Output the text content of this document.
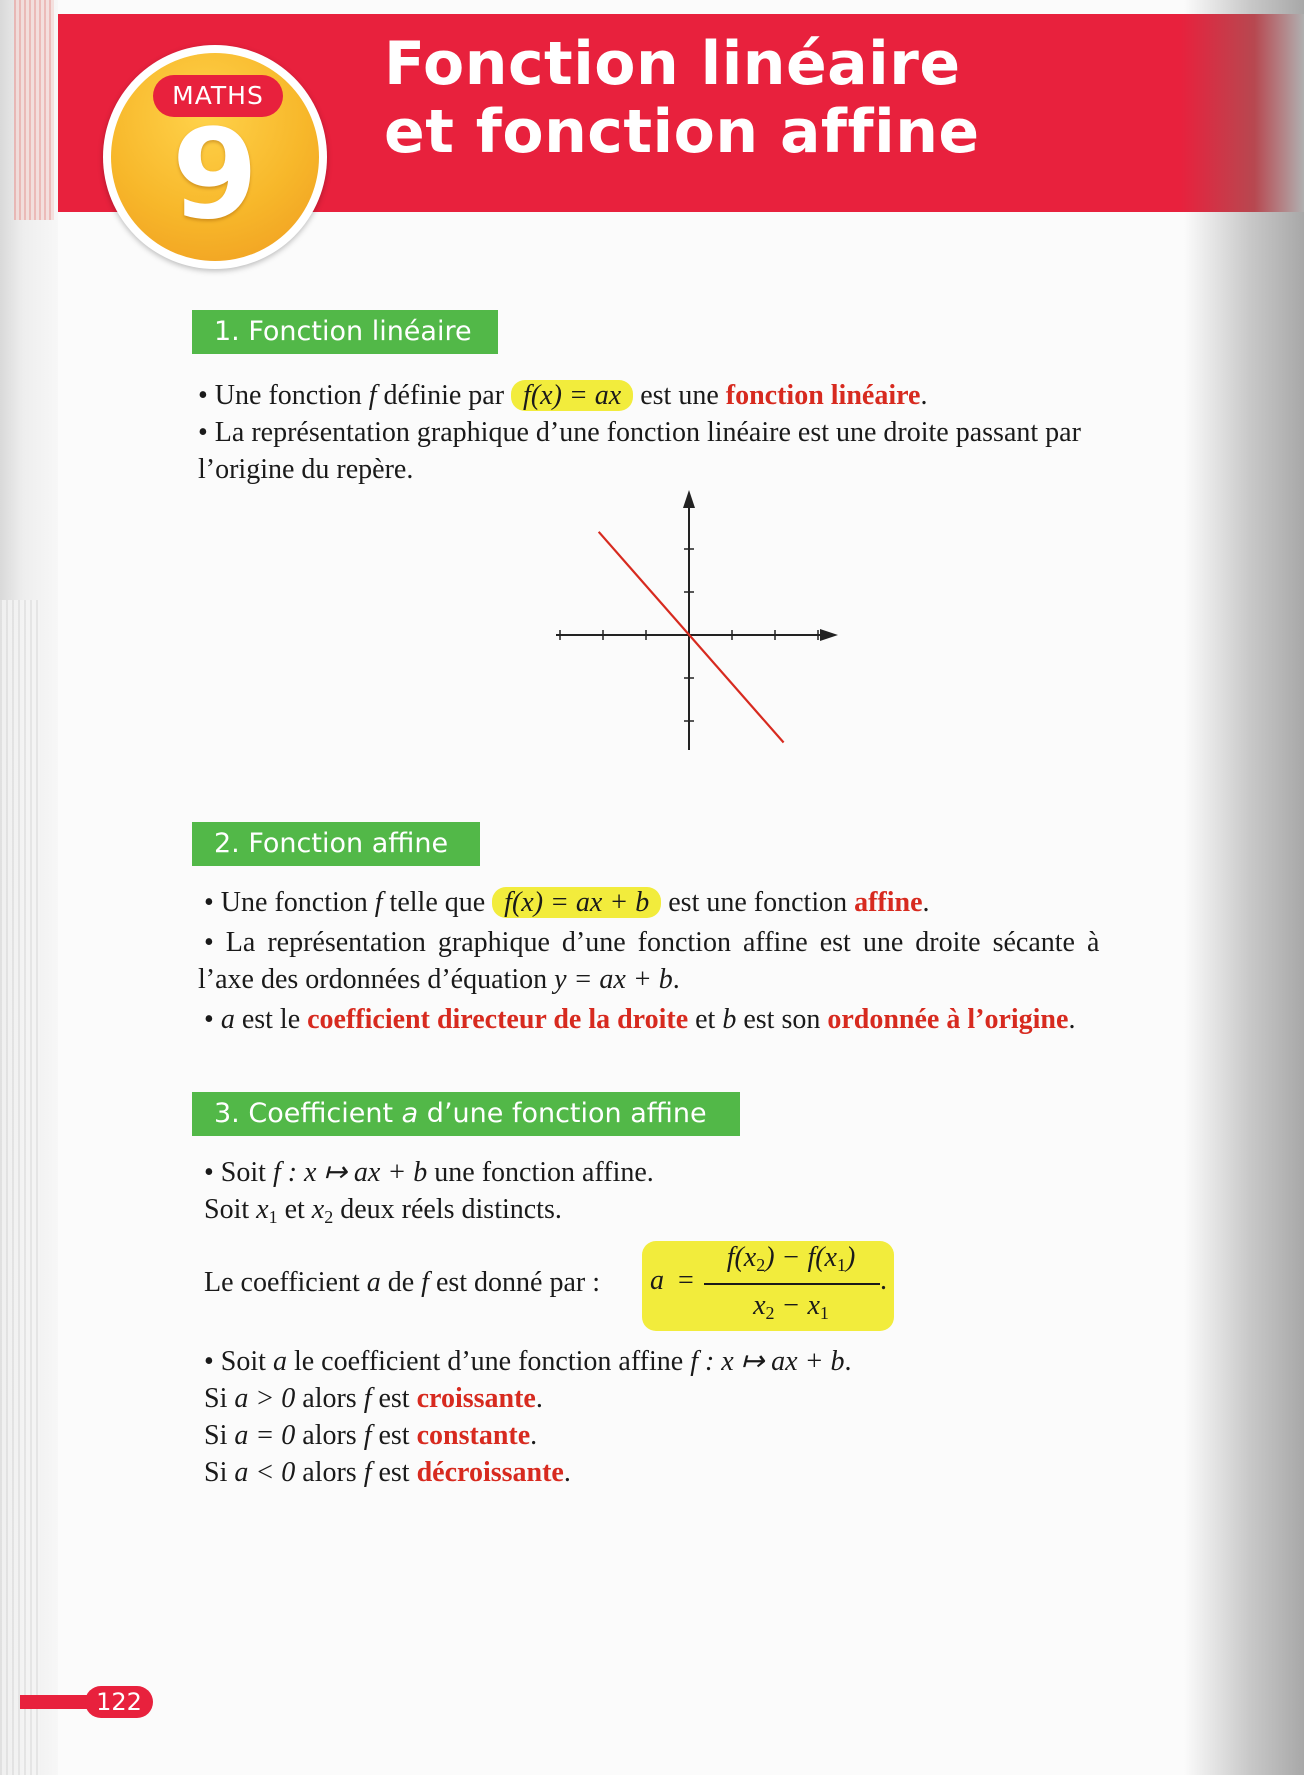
Fonction linéaire
et fonction affine
MATHS
9
1. Fonction linéaire
• Une fonction f définie par f(x) = ax est une fonction linéaire.
• La représentation graphique d’une fonction linéaire est une droite passant par
l’origine du repère.
2. Fonction affine
• Une fonction f telle que f(x) = ax + b est une fonction affine.
• La représentation graphique d’une fonction affine est une droite sécante à
l’axe des ordonnées d’équation y = ax + b.
• a est le coefficient directeur de la droite et b est son ordonnée à l’origine.
3. Coefficient a d’une fonction affine
• Soit f : x ↦ ax + b une fonction affine.
Soit $x_1$ et $x_2$ deux réels distincts.
Le coefficient a de f est donné par : a =
$f(x_2) - f(x_1)$
$x_2 - x_1$
.
• Soit a le coefficient d’une fonction affine f : x ↦ ax + b.
Si a > 0 alors f est croissante.
Si a = 0 alors f est constante.
Si a < 0 alors f est décroissante.
122
